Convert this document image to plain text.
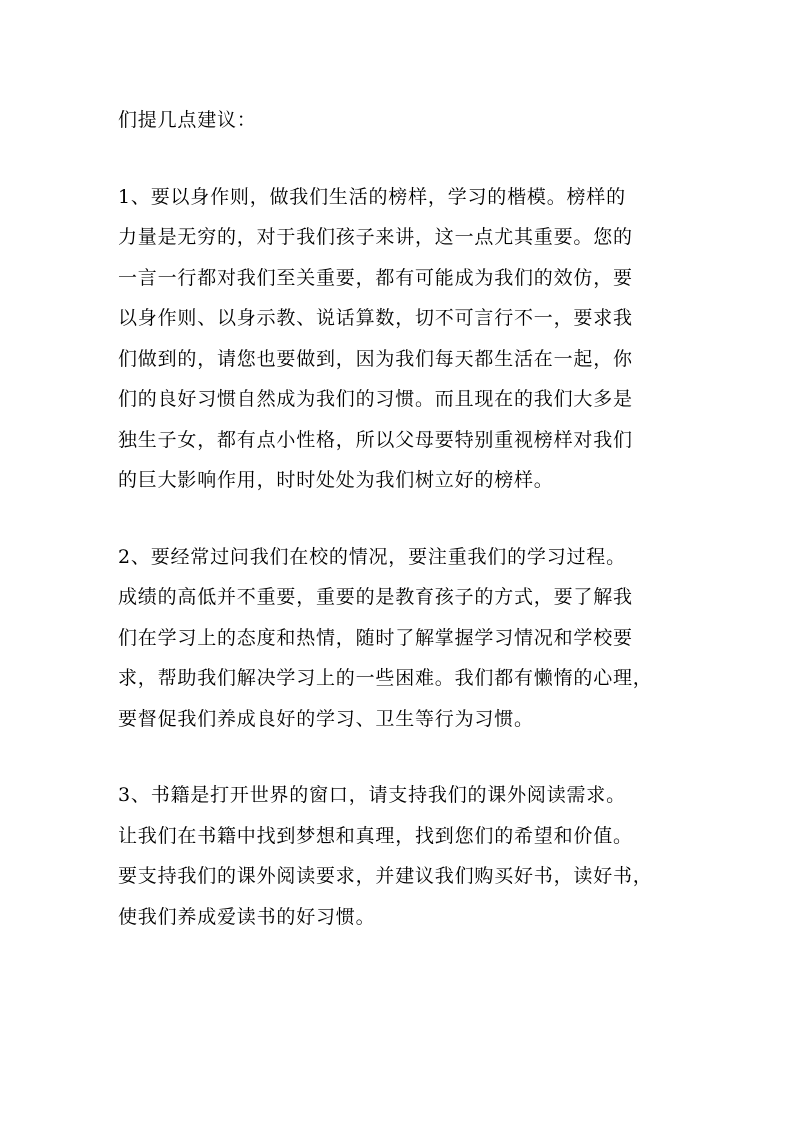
们提几点建议：

1、要以身作则，做我们生活的榜样，学习的楷模。榜样的
力量是无穷的，对于我们孩子来讲，这一点尤其重要。您的
一言一行都对我们至关重要，都有可能成为我们的效仿，要
以身作则、以身示教、说话算数，切不可言行不一，要求我
们做到的，请您也要做到，因为我们每天都生活在一起，你
们的良好习惯自然成为我们的习惯。而且现在的我们大多是
独生子女，都有点小性格，所以父母要特别重视榜样对我们
的巨大影响作用，时时处处为我们树立好的榜样。

2、要经常过问我们在校的情况，要注重我们的学习过程。
成绩的高低并不重要，重要的是教育孩子的方式，要了解我
们在学习上的态度和热情，随时了解掌握学习情况和学校要
求，帮助我们解决学习上的一些困难。我们都有懒惰的心理，
要督促我们养成良好的学习、卫生等行为习惯。

3、书籍是打开世界的窗口，请支持我们的课外阅读需求。
让我们在书籍中找到梦想和真理，找到您们的希望和价值。
要支持我们的课外阅读要求，并建议我们购买好书，读好书，
使我们养成爱读书的好习惯。
